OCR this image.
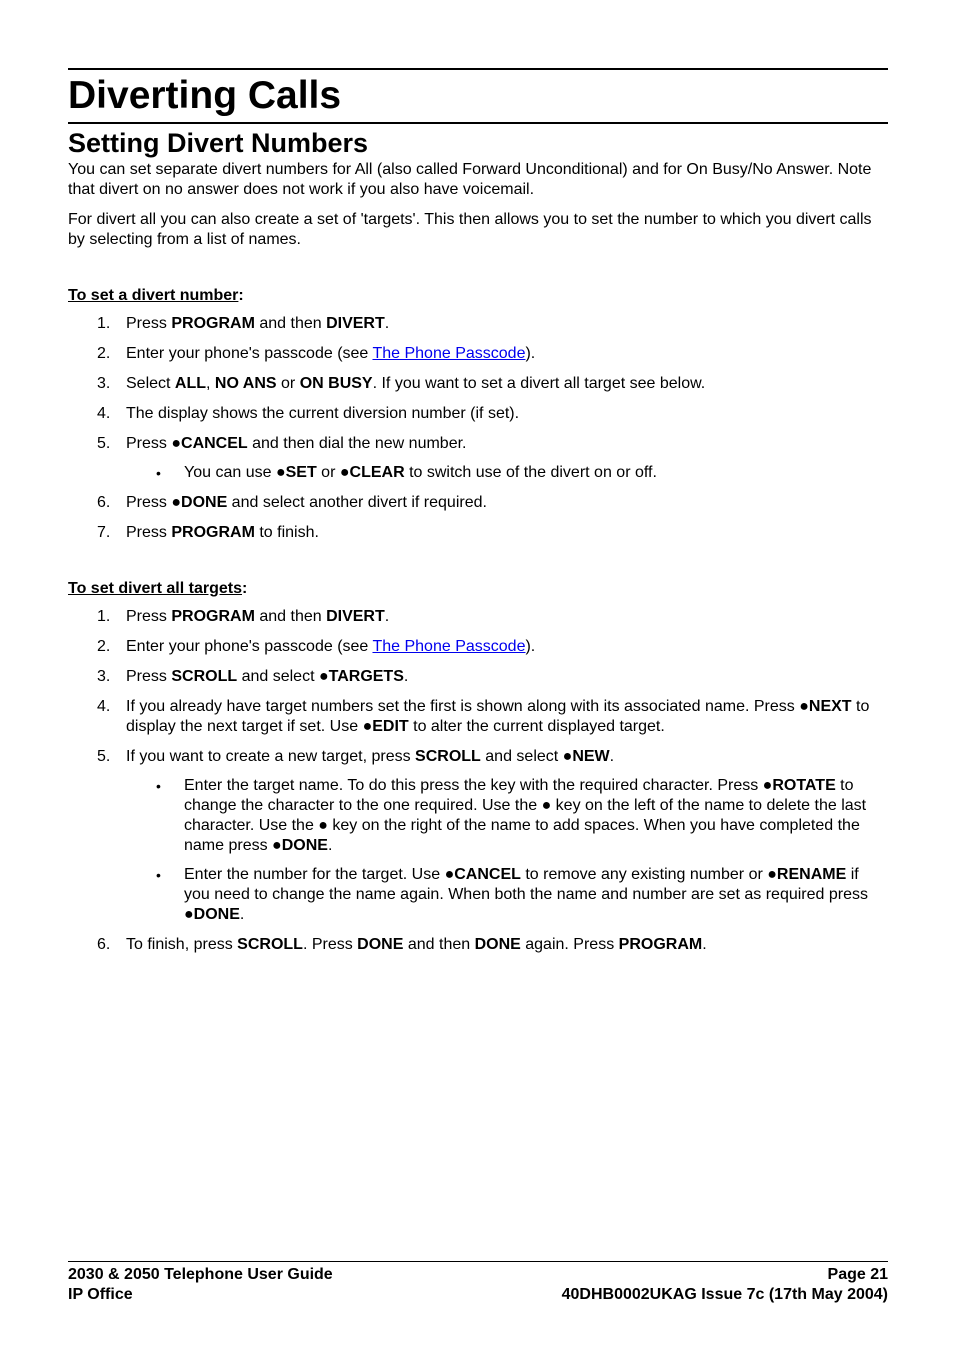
Diverting Calls
Setting Divert Numbers

You can set separate divert numbers for All (also called Forward Unconditional) and for On Busy/No Answer. Note that divert on no answer does not work if you also have voicemail.

For divert all you can also create a set of 'targets'. This then allows you to set the number to which you divert calls by selecting from a list of names.

To set a divert number:
1. Press PROGRAM and then DIVERT.
2. Enter your phone's passcode (see The Phone Passcode).
3. Select ALL, NO ANS or ON BUSY. If you want to set a divert all target see below.
4. The display shows the current diversion number (if set).
5. Press ●CANCEL and then dial the new number.
• You can use ●SET or ●CLEAR to switch use of the divert on or off.
6. Press ●DONE and select another divert if required.
7. Press PROGRAM to finish.
To set divert all targets:
1. Press PROGRAM and then DIVERT.
2. Enter your phone's passcode (see The Phone Passcode).
3. Press SCROLL and select ●TARGETS.
4. If you already have target numbers set the first is shown along with its associated name. Press ●NEXT to display the next target if set. Use ●EDIT to alter the current displayed target.
5. If you want to create a new target, press SCROLL and select ●NEW.
• Enter the target name. To do this press the key with the required character. Press ●ROTATE to change the character to the one required. Use the ● key on the left of the name to delete the last character. Use the ● key on the right of the name to add spaces. When you have completed the name press ●DONE.
• Enter the number for the target. Use ●CANCEL to remove any existing number or ●RENAME if you need to change the name again. When both the name and number are set as required press ●DONE.
6. To finish, press SCROLL. Press DONE and then DONE again. Press PROGRAM.
2030 & 2050 Telephone User Guide	Page 21
IP Office	40DHB0002UKAG Issue 7c (17th May 2004)
